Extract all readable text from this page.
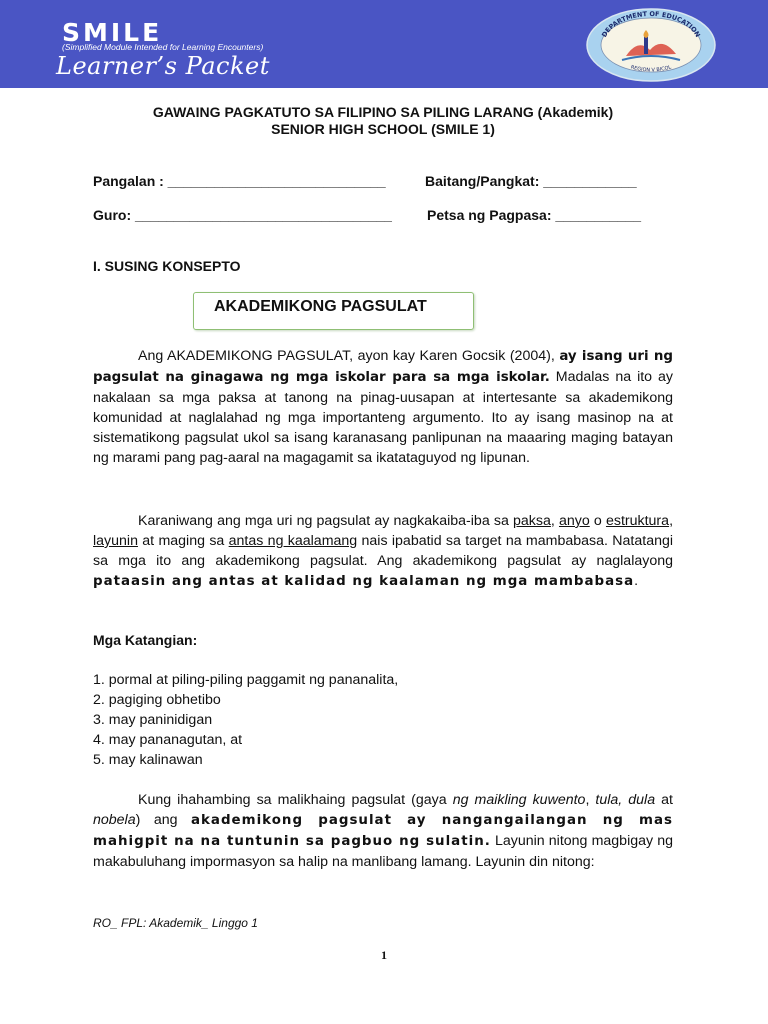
SMILE
(Simplified Module Intended for Learning Encounters)
Learner’s Packet
DEPARTMENT OF EDUCATION
REGION V BICOL
GAWAING PAGKATUTO SA FILIPINO SA PILING LARANG (Akademik)
SENIOR HIGH SCHOOL (SMILE 1)
Pangalan : ____________________________	Baitang/Pangkat: ____________
Guro: _________________________________	Petsa ng Pagpasa: ___________
I. SUSING KONSEPTO
AKADEMIKONG PAGSULAT
Ang AKADEMIKONG PAGSULAT, ayon kay Karen Gocsik (2004), ay isang uri ng pagsulat na ginagawa ng mga iskolar para sa mga iskolar. Madalas na ito ay nakalaan sa mga paksa at tanong na pinag-uusapan at intertesante sa akademikong komunidad at naglalahad ng mga importanteng argumento. Ito ay isang masinop na at sistematikong pagsulat ukol sa isang karanasang panlipunan na maaaring maging batayan ng marami pang pag-aaral na magagamit sa ikatataguyod ng lipunan.
Karaniwang ang mga uri ng pagsulat ay nagkakaiba-iba sa paksa, anyo o estruktura, layunin at maging sa antas ng kaalamang nais ipabatid sa target na mambabasa. Natatangi sa mga ito ang akademikong pagsulat. Ang akademikong pagsulat ay naglalayong pataasin ang antas at kalidad ng kaalaman ng mga mambabasa.
Mga Katangian:
1. pormal at piling-piling paggamit ng pananalita,
2. pagiging obhetibo
3. may paninidigan
4. may pananagutan, at
5. may kalinawan
Kung ihahambing sa malikhaing pagsulat (gaya ng maikling kuwento, tula, dula at nobela) ang akademikong pagsulat ay nangangailangan ng mas mahigpit na na tuntunin sa pagbuo ng sulatin. Layunin nitong magbigay ng makabuluhang impormasyon sa halip na manlibang lamang. Layunin din nitong:
RO_ FPL: Akademik_ Linggo 1
1
